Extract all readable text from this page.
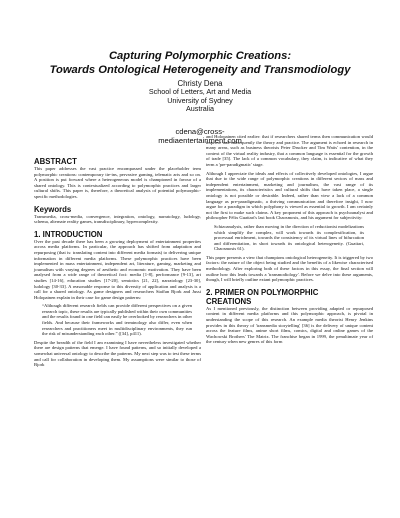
Capturing Polymorphic Creations:
Towards Ontological Heterogeneity and Transmodiology
Christy Dena
School of Letters, Art and Media
University of Sydney
Australia
cdena@cross-
mediaentertainment.com
ABSTRACT

This paper addresses the vast practice encompassed under the placeholder term polymorphic creations: contemporary tie-ins, pervasive gaming, telematic arts and so on. A position is put forward where a heterogeneous model is championed in favour of a shared ontology. This is contextualized according to polymorphic practices and larger cultural shifts. This paper is, therefore, a theoretical analysis of potential polymorphic-specific methodologies.

Keywords

Transmedia, cross-media, convergence, integration, ontology, narratology, ludology, schema, alternate reality games, transdisciplinary, hypercomplexity.

1. INTRODUCTION

Over the past decade there has been a growing deployment of entertainment properties across media platforms. In particular, the approach has shifted from adaptation and repurposing (that is: translating content into different media formats) to delivering unique information in different media platforms. These polymorphic practices have been implemented in mass entertainment, independent art, literature, gaming, marketing and journalism with varying degrees of aesthetic and economic motivation. They have been analysed from a wide range of theoretical foci: media [1-8], performance [9-13], art studies [14-16], education studies [17-20], semiotics [21, 22], narratology [23-30], ludology [30-33]. A reasonable response to this diversity of application and analysis is a call for a shared ontology. As game designers and researchers Staffan Bjork and Jussi Holopainen explain in their case for game design patterns:

“Although different research fields can provide different perspectives on a given research topic, these results are typically published within their own communities and the results found in one field can easily be overlooked by researchers in other fields. And because their frameworks and terminology also differ, even when researchers and practitioners meet in multidisciplinary environments, they run the risk of misunderstanding each other.” ([34], p411).

Despite the breadth of the field I am examining I have nevertheless investigated whether there are design patterns that emerge. I have found patterns, and so initially developed a somewhat universal ontology to describe the patterns. My next step was to test these terms and call for collaboration in developing them. My assumptions were similar to those of Bjork

and Holopainen cited earlier: that if researchers shared terms then communication would improve and subsequently the theory and practice. The argument is echoed in research in many areas, such as business theorists Peter Drucker and Tim Watts' contention, in the context of the virtual reality industry, that a common language is essential for the growth of trade [35]. The lack of a common vocabulary, they claim, is indicative of what they term a 'pre-paradigmatic' stage.

Although I appreciate the ideals and effects of collectively developed ontologies, I argue that due to the wide range of polymorphic creations in different sectors of mass and independent entertainment, marketing and journalism, the vast range of its implementations, its characteristics and cultural shifts that have taken place, a single ontology is not possible or desirable. Indeed, rather than view a lack of a common language as pre-paradigmatic, a thriving communication and therefore insight, I now argue for a paradigm in which polyphony is viewed as essential to growth. I am certainly not the first to make such claims. A key proponent of this approach is psychoanalyst and philosopher Félix Guattari's last book Chaosmosis, and his argument for subjectivity:

Schizoanalysis, rather than moving in the direction of reductionist modelizations which simplify the complex, will work towards its complexification, its processual enrichment, towards the consistency of its virtual lines of bifurcation and differentiation, in short towards its ontological heterogeneity. (Guattari, Chaosmosis 61).

This paper presents a view that champions ontological heterogeneity. It is triggered by two factors: the nature of the object being studied and the benefits of a likewise characterised methodology. After exploring both of these factors in this essay, the final section will outline how this leads towards a 'transmodiology'. Before we delve into these arguments, though, I will briefly outline extant polymorphic practices.

2. PRIMER ON POLYMORPHIC
CREATIONS

As I mentioned previously, the distinction between providing adapted or repurposed content in different media platforms and this polymorphic approach, is pivotal in understanding the scope of this research. An example media theorist Henry Jenkins provides in this theory of 'transmedia storytelling' [36] is the delivery of unique content across the feature films, anime short films, comics, digital and online games of the Wachowski Brothers' The Matrix. The franchise began in 1999, the penultimate year of the century when new genres of this form
